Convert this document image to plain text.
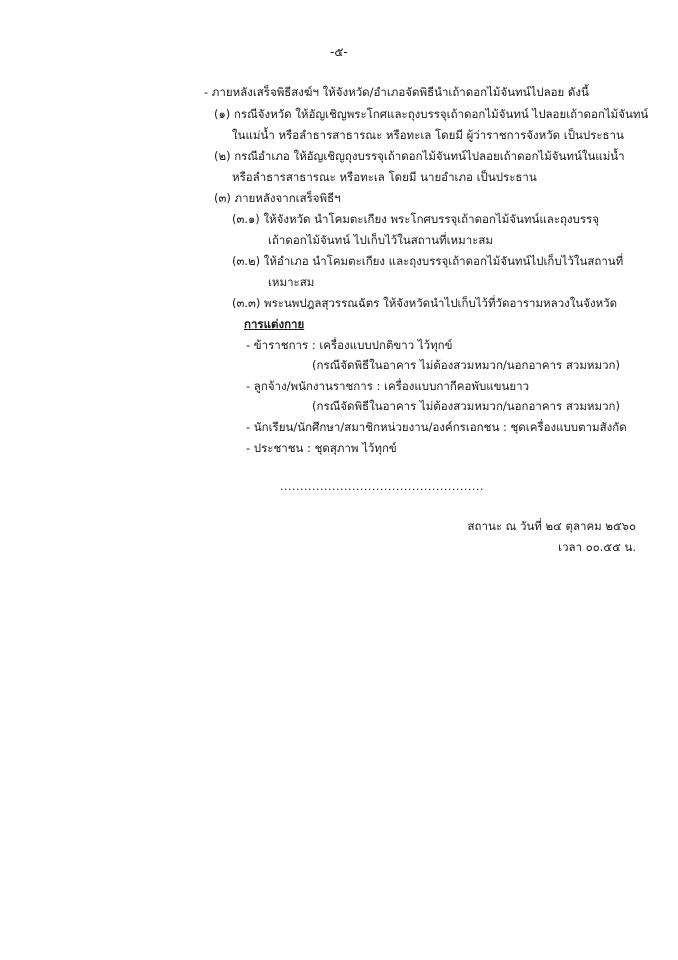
-๕-
- ภายหลังเสร็จพิธีสงฆ์ฯ ให้จังหวัด/อำเภอจัดพิธีนำเถ้าดอกไม้จันทน์ไปลอย ดังนี้
(๑) กรณีจังหวัด ให้อัญเชิญพระโกศและถุงบรรจุเถ้าดอกไม้จันทน์ ไปลอยเถ้าดอกไม้จันทน์
ในแม่น้ำ หรือลำธารสาธารณะ หรือทะเล โดยมี ผู้ว่าราชการจังหวัด เป็นประธาน
(๒) กรณีอำเภอ ให้อัญเชิญถุงบรรจุเถ้าดอกไม้จันทน์ไปลอยเถ้าดอกไม้จันทน์ในแม่น้ำ
หรือลำธารสาธารณะ หรือทะเล โดยมี นายอำเภอ เป็นประธาน
(๓) ภายหลังจากเสร็จพิธีฯ
(๓.๑) ให้จังหวัด นำโคมตะเกียง พระโกศบรรจุเถ้าดอกไม้จันทน์และถุงบรรจุ
เถ้าดอกไม้จันทน์ ไปเก็บไว้ในสถานที่เหมาะสม
(๓.๒) ให้อำเภอ นำโคมตะเกียง และถุงบรรจุเถ้าดอกไม้จันทน์ไปเก็บไว้ในสถานที่
เหมาะสม
(๓.๓) พระนพปฎลสุวรรณฉัตร ให้จังหวัดนำไปเก็บไว้ที่วัดอารามหลวงในจังหวัด
การแต่งกาย
- ข้าราชการ : เครื่องแบบปกติขาว ไว้ทุกข์
(กรณีจัดพิธีในอาคาร ไม่ต้องสวมหมวก/นอกอาคาร สวมหมวก)
- ลูกจ้าง/พนักงานราชการ : เครื่องแบบกากีคอพับแขนยาว
(กรณีจัดพิธีในอาคาร ไม่ต้องสวมหมวก/นอกอาคาร สวมหมวก)
- นักเรียน/นักศึกษา/สมาชิกหน่วยงาน/องค์กรเอกชน : ชุดเครื่องแบบตามสังกัด
- ประชาชน : ชุดสุภาพ ไว้ทุกข์
...................................................
สถานะ ณ วันที่ ๒๔ ตุลาคม ๒๕๖๐
เวลา ๐๐.๕๕ น.
